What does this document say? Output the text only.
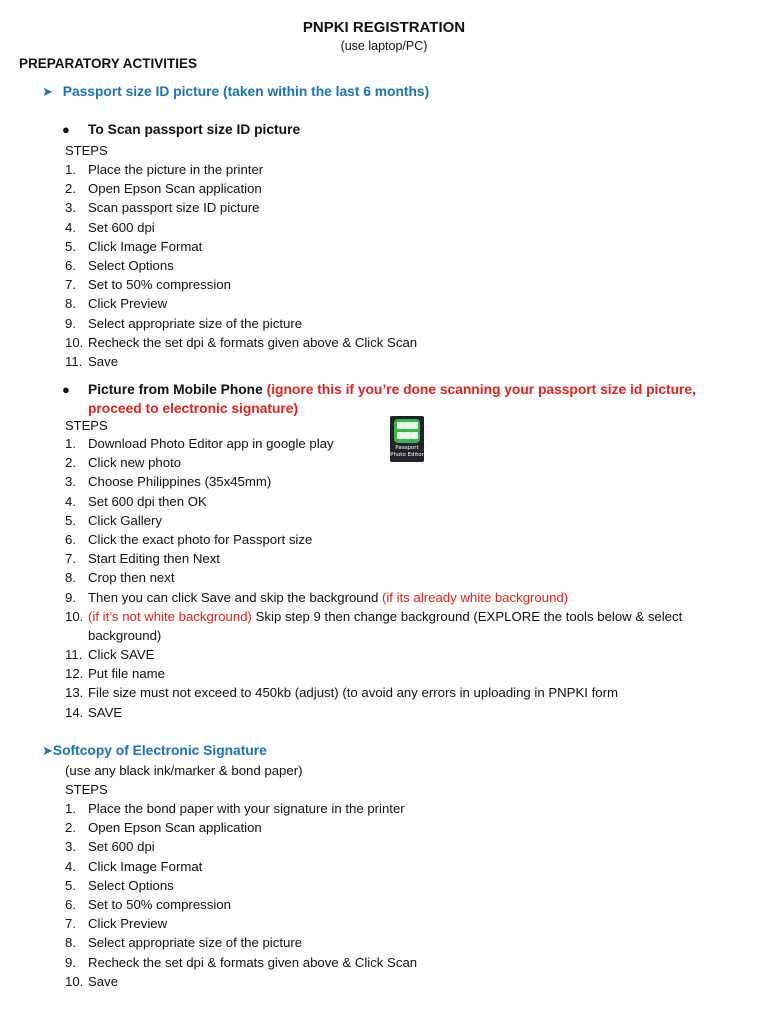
PNPKI REGISTRATION
(use laptop/PC)
PREPARATORY ACTIVITIES
➤ Passport size ID picture (taken within the last 6 months)
● To Scan passport size ID picture
STEPS
1. Place the picture in the printer
2. Open Epson Scan application
3. Scan passport size ID picture
4. Set 600 dpi
5. Click Image Format
6. Select Options
7. Set to 50% compression
8. Click Preview
9. Select appropriate size of the picture
10. Recheck the set dpi & formats given above & Click Scan
11. Save
● Picture from Mobile Phone (ignore this if you’re done scanning your passport size id picture, proceed to electronic signature)
STEPS
Passport
Photo Editor
1. Download Photo Editor app in google play
2. Click new photo
3. Choose Philippines (35x45mm)
4. Set 600 dpi then OK
5. Click Gallery
6. Click the exact photo for Passport size
7. Start Editing then Next
8. Crop then next
9. Then you can click Save and skip the background (if its already white background)
10. (if it’s not white background) Skip step 9 then change background (EXPLORE the tools below & select background)
11. Click SAVE
12. Put file name
13. File size must not exceed to 450kb (adjust) (to avoid any errors in uploading in PNPKI form
14. SAVE
➤Softcopy of Electronic Signature
(use any black ink/marker & bond paper)
STEPS
1. Place the bond paper with your signature in the printer
2. Open Epson Scan application
3. Set 600 dpi
4. Click Image Format
5. Select Options
6. Set to 50% compression
7. Click Preview
8. Select appropriate size of the picture
9. Recheck the set dpi & formats given above & Click Scan
10. Save
